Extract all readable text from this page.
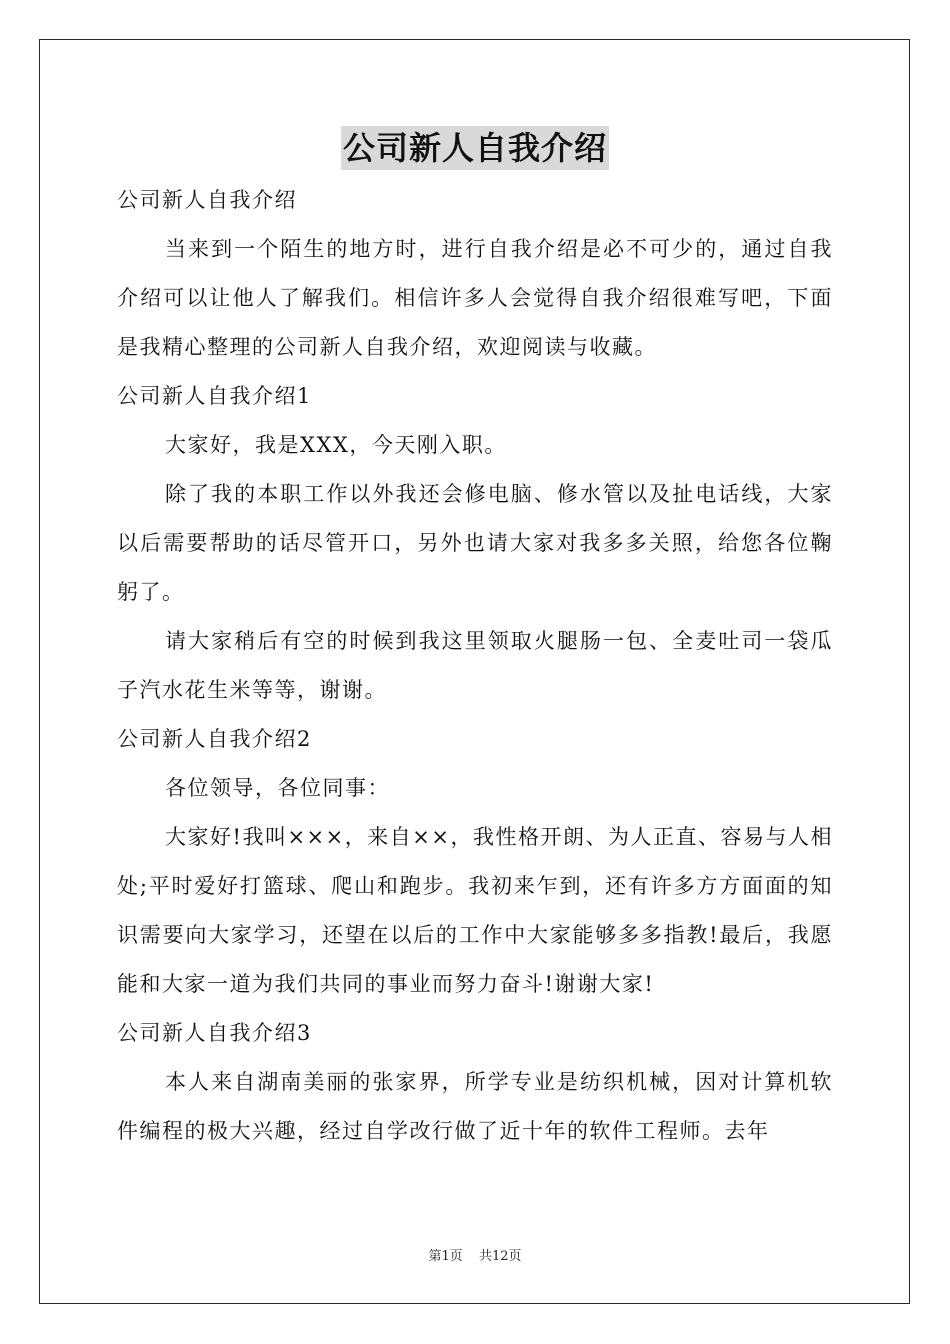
公司新人自我介绍

公司新人自我介绍

当来到一个陌生的地方时，进行自我介绍是必不可少的，通过自我介绍可以让他人了解我们。相信许多人会觉得自我介绍很难写吧，下面是我精心整理的公司新人自我介绍，欢迎阅读与收藏。

公司新人自我介绍1

大家好，我是XXX，今天刚入职。

除了我的本职工作以外我还会修电脑、修水管以及扯电话线，大家以后需要帮助的话尽管开口，另外也请大家对我多多关照，给您各位鞠躬了。

请大家稍后有空的时候到我这里领取火腿肠一包、全麦吐司一袋瓜子汽水花生米等等，谢谢。

公司新人自我介绍2

各位领导，各位同事：

大家好!我叫×××，来自××，我性格开朗、为人正直、容易与人相处;平时爱好打篮球、爬山和跑步。我初来乍到，还有许多方方面面的知识需要向大家学习，还望在以后的工作中大家能够多多指教!最后，我愿能和大家一道为我们共同的事业而努力奋斗!谢谢大家!

公司新人自我介绍3

本人来自湖南美丽的张家界，所学专业是纺织机械，因对计算机软件编程的极大兴趣，经过自学改行做了近十年的软件工程师。去年

第1页 共12页
